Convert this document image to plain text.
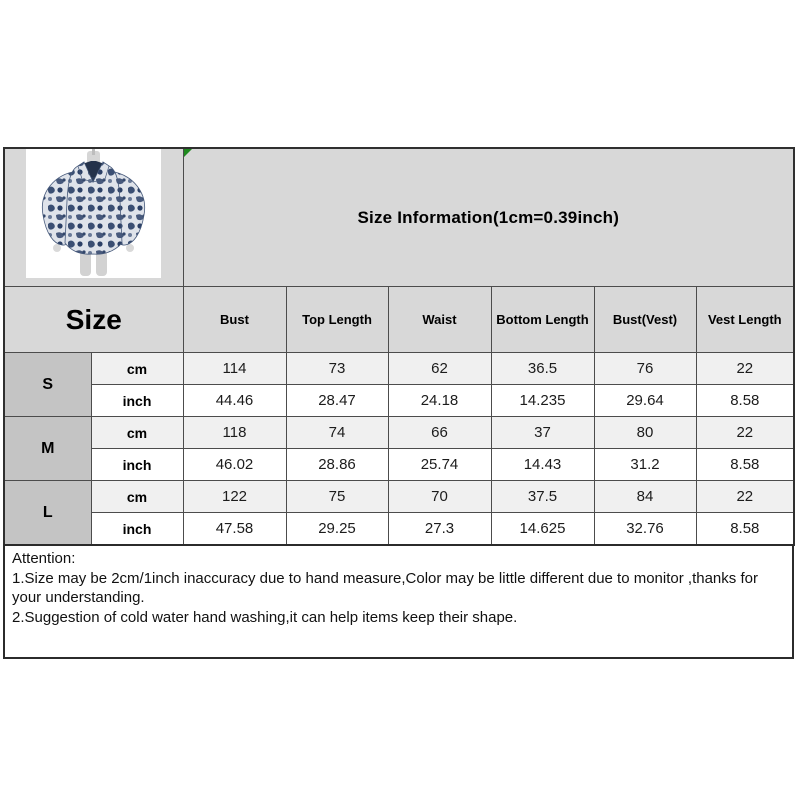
Size Information(1cm=0.39inch)					
Size		Bust	Top Length	Waist	Bottom Length	Bust(Vest)	Vest Length
S	cm	114	73	62	36.5	76	22
	inch	44.46	28.47	24.18	14.235	29.64	8.58
M	cm	118	74	66	37	80	22
	inch	46.02	28.86	25.74	14.43	31.2	8.58
L	cm	122	75	70	37.5	84	22
	inch	47.58	29.25	27.3	14.625	32.76	8.58
Attention:
1.Size may be 2cm/1inch inaccuracy due to hand measure,Color may be little different due to monitor ,thanks for your understanding.
2.Suggestion of cold water hand washing,it can help items keep their shape.
